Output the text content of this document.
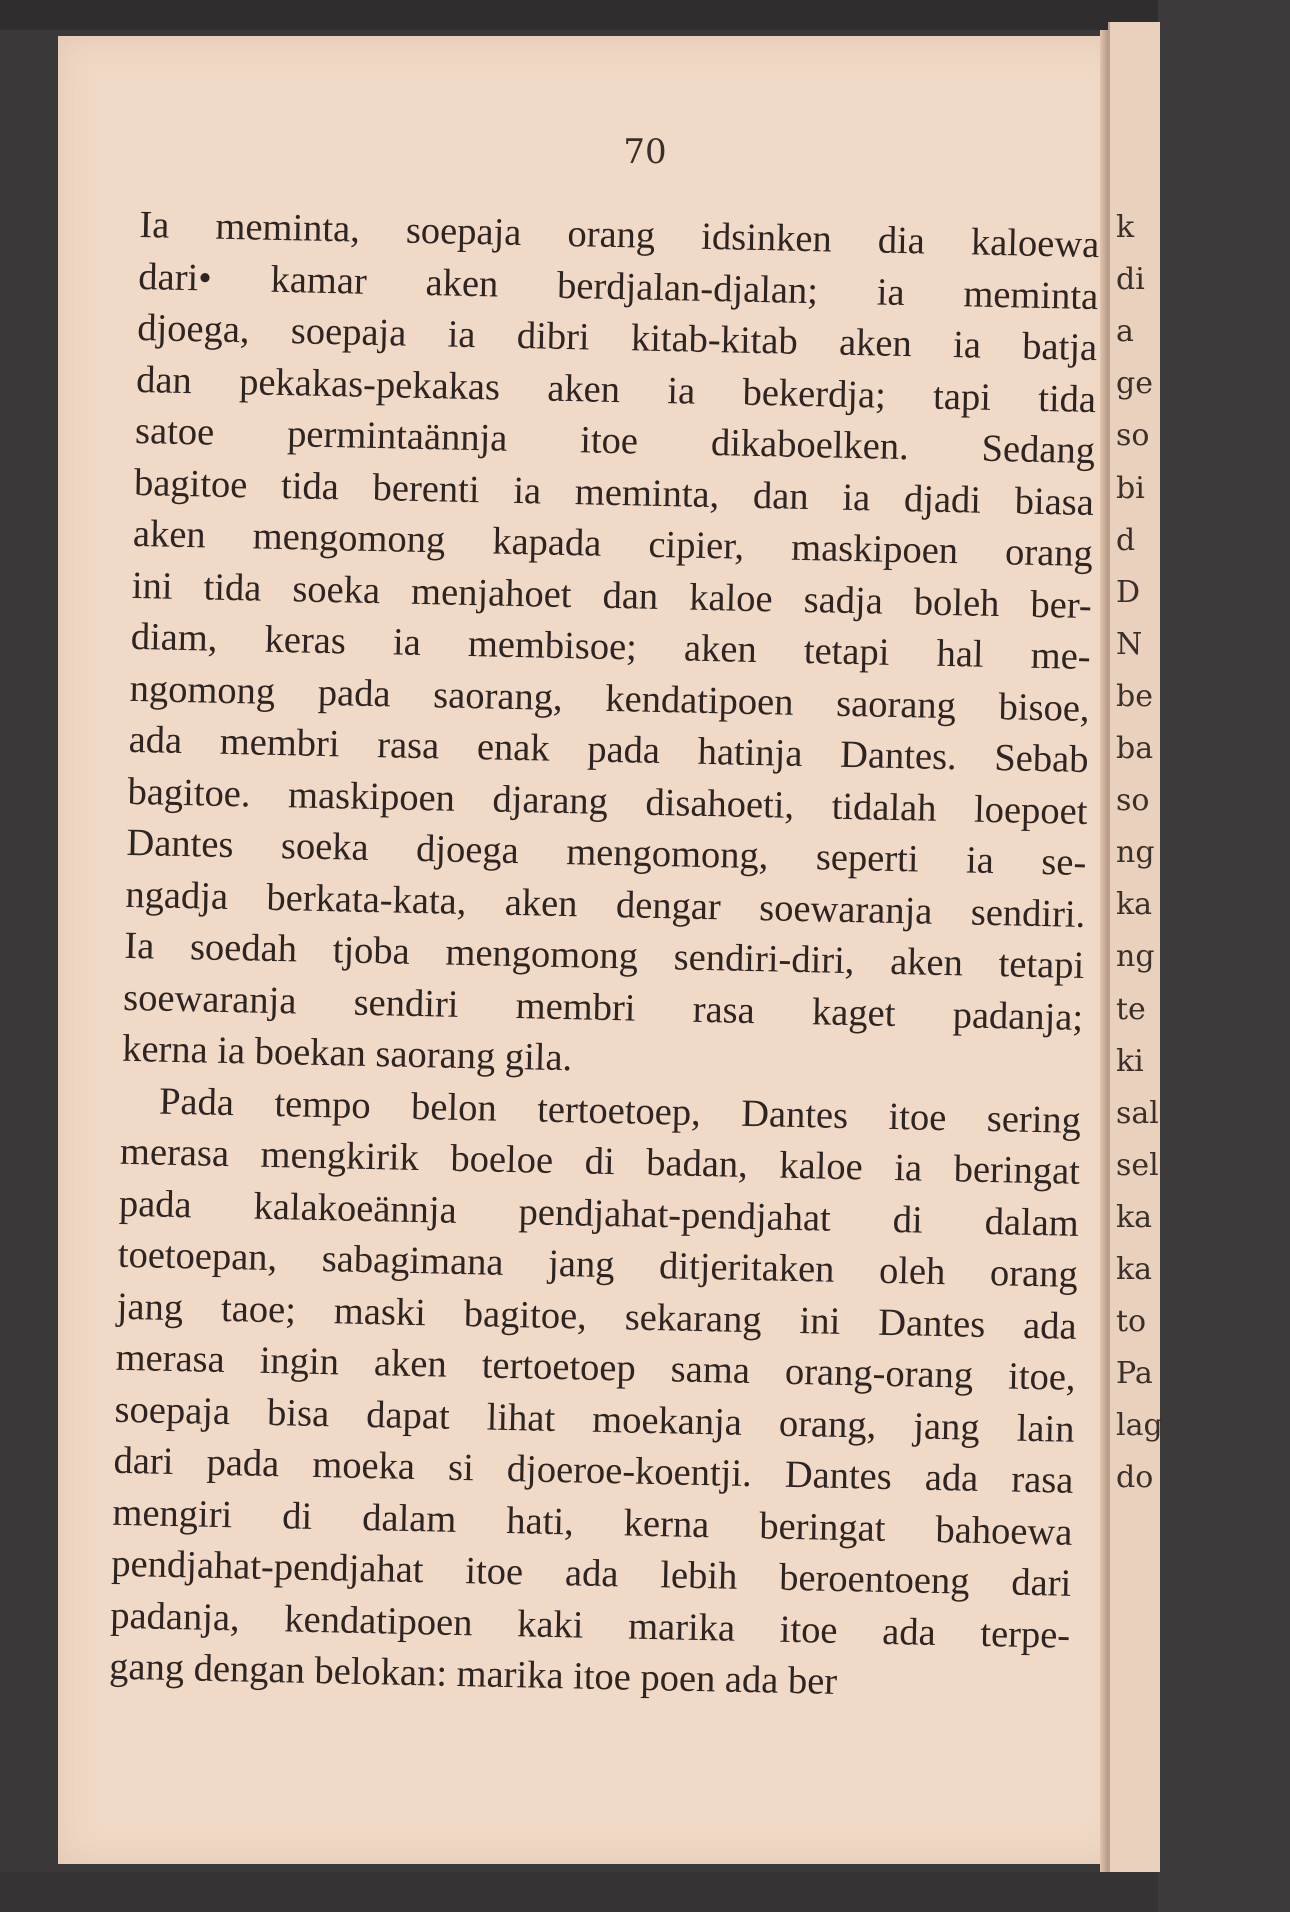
k
di
a
ge
so
bi
d
D
N
be
ba
so
ng
ka
ng
te
ki
sal
sel
ka
ka
to
Pa
lag
do
70
Ia meminta, soepaja orang idsinken dia kaloewa
dari• kamar aken berdjalan-djalan; ia meminta
djoega, soepaja ia dibri kitab-kitab aken ia batja
dan pekakas-pekakas aken ia bekerdja; tapi tida
satoe permintaännja itoe dikaboelken. Sedang
bagitoe tida berenti ia meminta, dan ia djadi biasa
aken mengomong kapada cipier, maskipoen orang
ini tida soeka menjahoet dan kaloe sadja boleh ber-
diam, keras ia membisoe; aken tetapi hal me-
ngomong pada saorang, kendatipoen saorang bisoe,
ada membri rasa enak pada hatinja Dantes. Sebab
bagitoe. maskipoen djarang disahoeti, tidalah loepoet
Dantes soeka djoega mengomong, seperti ia se-
ngadja berkata-kata, aken dengar soewaranja sendiri.
Ia soedah tjoba mengomong sendiri-diri, aken tetapi
soewaranja sendiri membri rasa kaget padanja;
kerna ia boekan saorang gila.
Pada tempo belon tertoetoep, Dantes itoe sering
merasa mengkirik boeloe di badan, kaloe ia beringat
pada kalakoeännja pendjahat-pendjahat di dalam
toetoepan, sabagimana jang ditjeritaken oleh orang
jang taoe; maski bagitoe, sekarang ini Dantes ada
merasa ingin aken tertoetoep sama orang-orang itoe,
soepaja bisa dapat lihat moekanja orang, jang lain
dari pada moeka si djoeroe-koentji. Dantes ada rasa
mengiri di dalam hati, kerna beringat bahoewa
pendjahat-pendjahat itoe ada lebih beroentoeng dari
padanja, kendatipoen kaki marika itoe ada terpe-
gang dengan belokan: marika itoe poen ada ber
